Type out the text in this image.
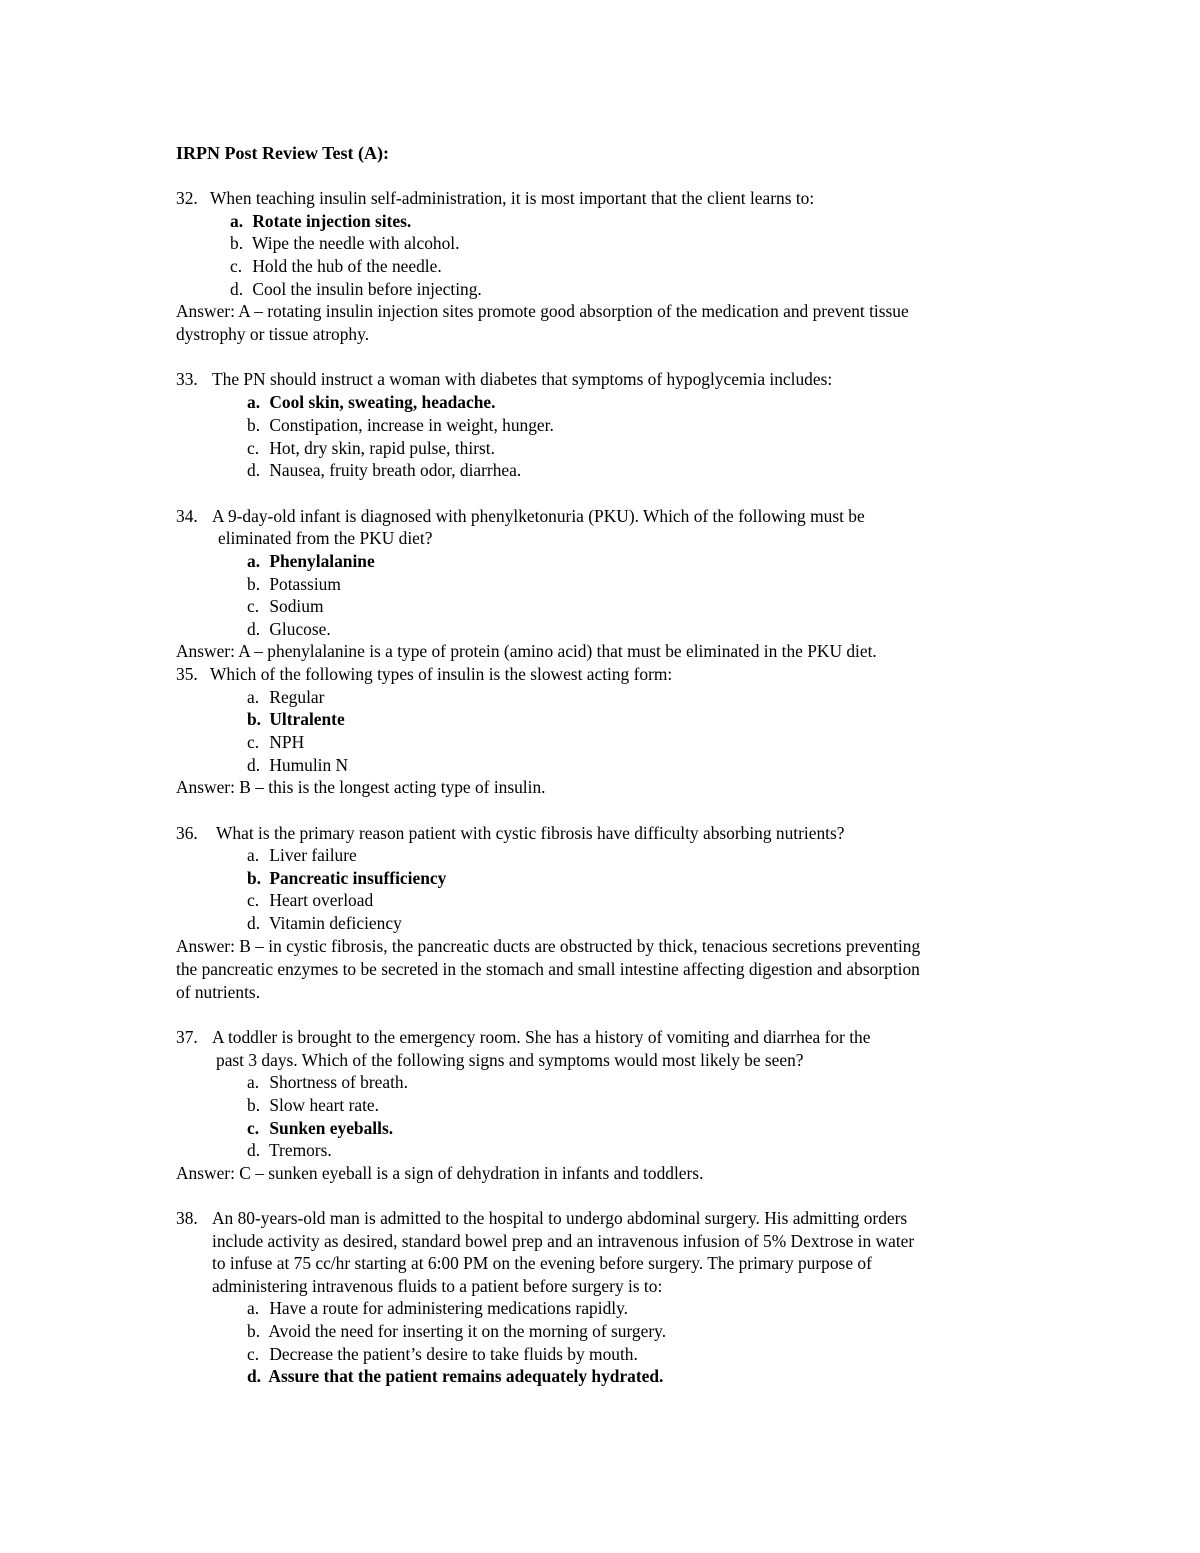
IRPN Post Review Test (A):
32. When teaching insulin self-administration, it is most important that the client learns to:
a. Rotate injection sites.
b. Wipe the needle with alcohol.
c. Hold the hub of the needle.
d. Cool the insulin before injecting.
Answer: A – rotating insulin injection sites promote good absorption of the medication and prevent tissue
dystrophy or tissue atrophy.
33. The PN should instruct a woman with diabetes that symptoms of hypoglycemia includes:
a. Cool skin, sweating, headache.
b. Constipation, increase in weight, hunger.
c. Hot, dry skin, rapid pulse, thirst.
d. Nausea, fruity breath odor, diarrhea.
34. A 9-day-old infant is diagnosed with phenylketonuria (PKU). Which of the following must be
eliminated from the PKU diet?
a. Phenylalanine
b. Potassium
c. Sodium
d. Glucose.
Answer: A – phenylalanine is a type of protein (amino acid) that must be eliminated in the PKU diet.
35. Which of the following types of insulin is the slowest acting form:
a. Regular
b. Ultralente
c. NPH
d. Humulin N
Answer: B – this is the longest acting type of insulin.
36. What is the primary reason patient with cystic fibrosis have difficulty absorbing nutrients?
a. Liver failure
b. Pancreatic insufficiency
c. Heart overload
d. Vitamin deficiency
Answer: B – in cystic fibrosis, the pancreatic ducts are obstructed by thick, tenacious secretions preventing
the pancreatic enzymes to be secreted in the stomach and small intestine affecting digestion and absorption
of nutrients.
37. A toddler is brought to the emergency room. She has a history of vomiting and diarrhea for the
past 3 days. Which of the following signs and symptoms would most likely be seen?
a. Shortness of breath.
b. Slow heart rate.
c. Sunken eyeballs.
d. Tremors.
Answer: C – sunken eyeball is a sign of dehydration in infants and toddlers.
38. An 80-years-old man is admitted to the hospital to undergo abdominal surgery. His admitting orders
include activity as desired, standard bowel prep and an intravenous infusion of 5% Dextrose in water
to infuse at 75 cc/hr starting at 6:00 PM on the evening before surgery. The primary purpose of
administering intravenous fluids to a patient before surgery is to:
a. Have a route for administering medications rapidly.
b. Avoid the need for inserting it on the morning of surgery.
c. Decrease the patient’s desire to take fluids by mouth.
d. Assure that the patient remains adequately hydrated.
